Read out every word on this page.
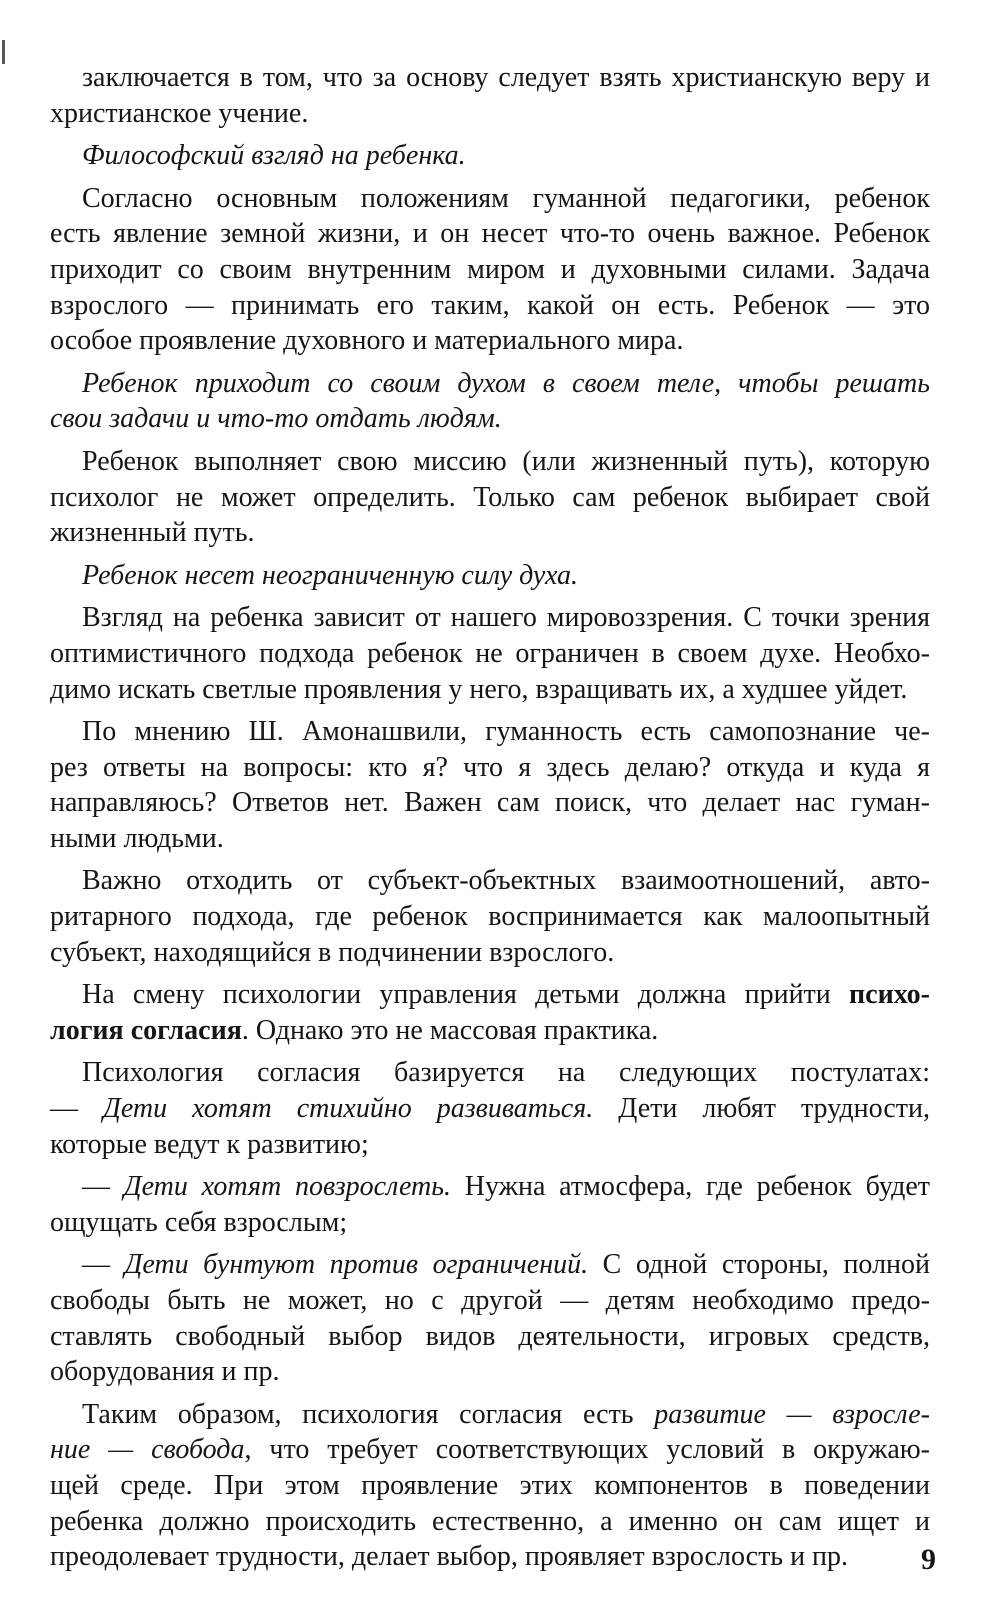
заключается в том, что за основу следует взять христианскую веру и
христианское учение.
Философский взгляд на ребенка.
Согласно основным положениям гуманной педагогики, ребенок
есть явление земной жизни, и он несет что-то очень важное. Ребенок
приходит со своим внутренним миром и духовными силами. Задача
взрослого — принимать его таким, какой он есть. Ребенок — это
особое проявление духовного и материального мира.
Ребенок приходит со своим духом в своем теле, чтобы решать
свои задачи и что-то отдать людям.
Ребенок выполняет свою миссию (или жизненный путь), которую
психолог не может определить. Только сам ребенок выбирает свой
жизненный путь.
Ребенок несет неограниченную силу духа.
Взгляд на ребенка зависит от нашего мировоззрения. С точки зрения
оптимистичного подхода ребенок не ограничен в своем духе. Необхо-
димо искать светлые проявления у него, взращивать их, а худшее уйдет.
По мнению Ш. Амонашвили, гуманность есть самопознание че-
рез ответы на вопросы: кто я? что я здесь делаю? откуда и куда я
направляюсь? Ответов нет. Важен сам поиск, что делает нас гуман-
ными людьми.
Важно отходить от субъект-объектных взаимоотношений, авто-
ритарного подхода, где ребенок воспринимается как малоопытный
субъект, находящийся в подчинении взрослого.
На смену психологии управления детьми должна прийти психо-
логия согласия. Однако это не массовая практика.
Психология согласия базируется на следующих постулатах:
— Дети хотят стихийно развиваться. Дети любят трудности,
которые ведут к развитию;
— Дети хотят повзрослеть. Нужна атмосфера, где ребенок будет
ощущать себя взрослым;
— Дети бунтуют против ограничений. С одной стороны, полной
свободы быть не может, но с другой — детям необходимо предо-
ставлять свободный выбор видов деятельности, игровых средств,
оборудования и пр.
Таким образом, психология согласия есть развитие — взросле-
ние — свобода, что требует соответствующих условий в окружаю-
щей среде. При этом проявление этих компонентов в поведении
ребенка должно происходить естественно, а именно он сам ищет и
преодолевает трудности, делает выбор, проявляет взрослость и пр.	9
